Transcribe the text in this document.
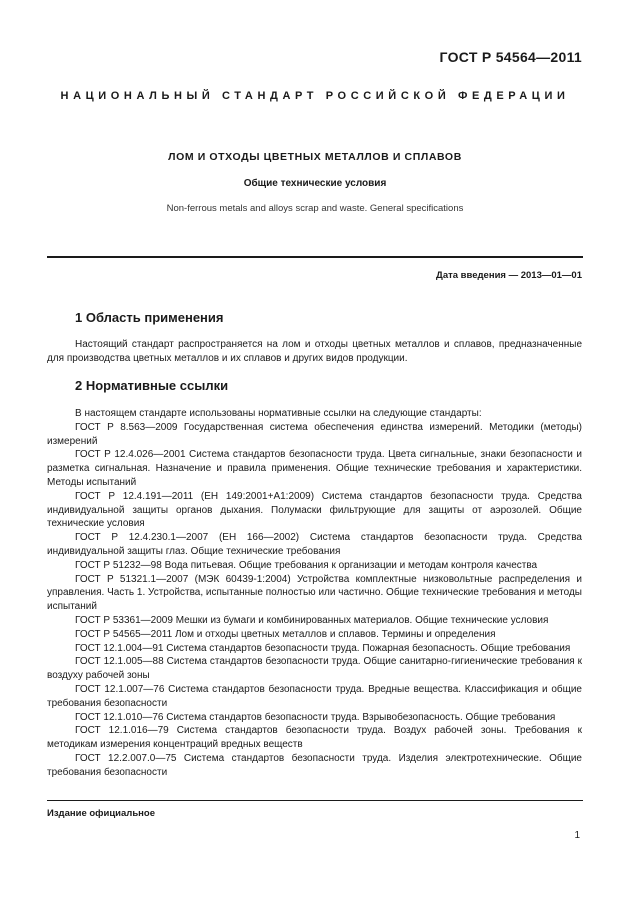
ГОСТ Р 54564—2011
НАЦИОНАЛЬНЫЙ СТАНДАРТ РОССИЙСКОЙ ФЕДЕРАЦИИ
ЛОМ И ОТХОДЫ ЦВЕТНЫХ МЕТАЛЛОВ И СПЛАВОВ
Общие технические условия
Non-ferrous metals and alloys scrap and waste. General specifications
Дата введения — 2013—01—01
1 Область применения

Настоящий стандарт распространяется на лом и отходы цветных металлов и сплавов, предназначенные для производства цветных металлов и их сплавов и других видов продукции.

2 Нормативные ссылки

В настоящем стандарте использованы нормативные ссылки на следующие стандарты:

ГОСТ Р 8.563—2009 Государственная система обеспечения единства измерений. Методики (методы) измерений

ГОСТ Р 12.4.026—2001 Система стандартов безопасности труда. Цвета сигнальные, знаки безопасности и разметка сигнальная. Назначение и правила применения. Общие технические требования и характеристики. Методы испытаний

ГОСТ Р 12.4.191—2011 (ЕН 149:2001+А1:2009) Система стандартов безопасности труда. Средства индивидуальной защиты органов дыхания. Полумаски фильтрующие для защиты от аэрозолей. Общие технические условия

ГОСТ Р 12.4.230.1—2007 (ЕН 166—2002) Система стандартов безопасности труда. Средства индивидуальной защиты глаз. Общие технические требования

ГОСТ Р 51232—98 Вода питьевая. Общие требования к организации и методам контроля качества

ГОСТ Р 51321.1—2007 (МЭК 60439-1:2004) Устройства комплектные низковольтные распределения и управления. Часть 1. Устройства, испытанные полностью или частично. Общие технические требования и методы испытаний

ГОСТ Р 53361—2009 Мешки из бумаги и комбинированных материалов. Общие технические условия

ГОСТ Р 54565—2011 Лом и отходы цветных металлов и сплавов. Термины и определения

ГОСТ 12.1.004—91 Система стандартов безопасности труда. Пожарная безопасность. Общие требования

ГОСТ 12.1.005—88 Система стандартов безопасности труда. Общие санитарно-гигиенические требования к воздуху рабочей зоны

ГОСТ 12.1.007—76 Система стандартов безопасности труда. Вредные вещества. Классификация и общие требования безопасности

ГОСТ 12.1.010—76 Система стандартов безопасности труда. Взрывобезопасность. Общие требования

ГОСТ 12.1.016—79 Система стандартов безопасности труда. Воздух рабочей зоны. Требования к методикам измерения концентраций вредных веществ

ГОСТ 12.2.007.0—75 Система стандартов безопасности труда. Изделия электротехнические. Общие требования безопасности

Издание официальное
1
